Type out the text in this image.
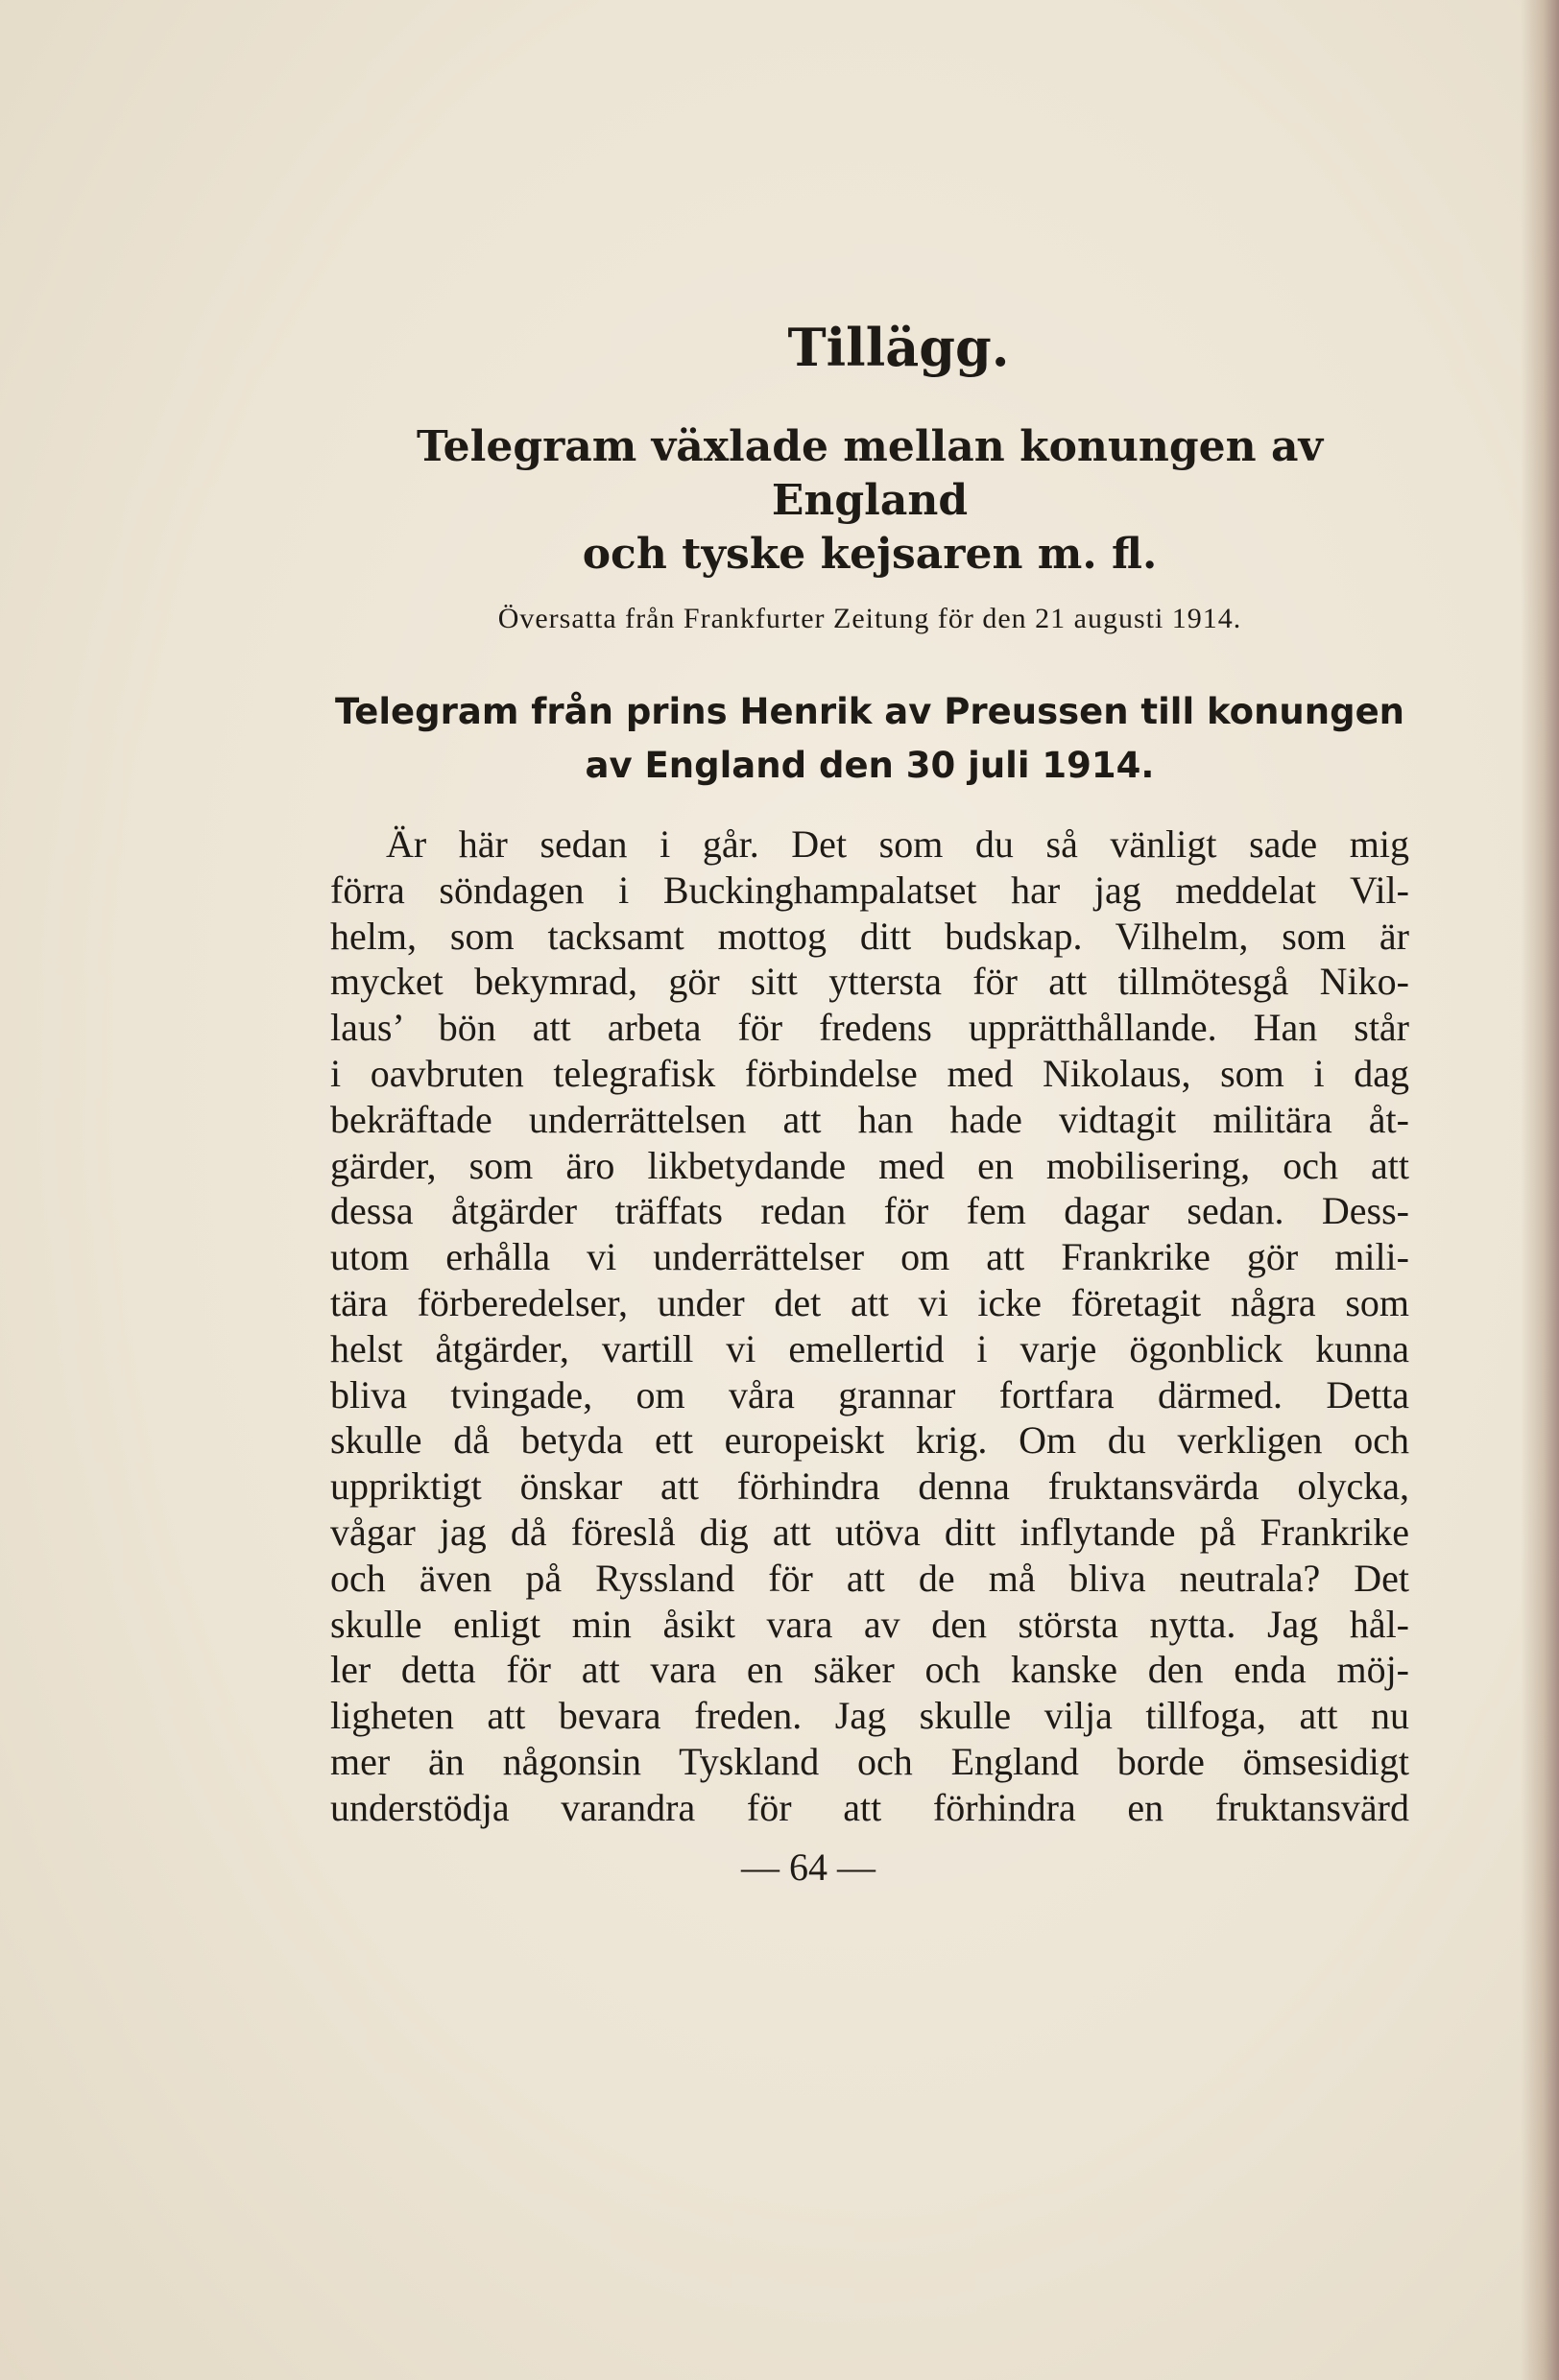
Tillägg.
Telegram växlade mellan konungen av England
och tyske kejsaren m. fl.
Översatta från Frankfurter Zeitung för den 21 augusti 1914.
Telegram från prins Henrik av Preussen till konungen
av England den 30 juli 1914.
Är här sedan i går. Det som du så vänligt sade mig
förra söndagen i Buckinghampalatset har jag meddelat Vil-
helm, som tacksamt mottog ditt budskap. Vilhelm, som är
mycket bekymrad, gör sitt yttersta för att tillmötesgå Niko-
laus’ bön att arbeta för fredens upprätthållande. Han står
i oavbruten telegrafisk förbindelse med Nikolaus, som i dag
bekräftade underrättelsen att han hade vidtagit militära åt-
gärder, som äro likbetydande med en mobilisering, och att
dessa åtgärder träffats redan för fem dagar sedan. Dess-
utom erhålla vi underrättelser om att Frankrike gör mili-
tära förberedelser, under det att vi icke företagit några som
helst åtgärder, vartill vi emellertid i varje ögonblick kunna
bliva tvingade, om våra grannar fortfara därmed. Detta
skulle då betyda ett europeiskt krig. Om du verkligen och
uppriktigt önskar att förhindra denna fruktansvärda olycka,
vågar jag då föreslå dig att utöva ditt inflytande på Frankrike
och även på Ryssland för att de må bliva neutrala? Det
skulle enligt min åsikt vara av den största nytta. Jag hål-
ler detta för att vara en säker och kanske den enda möj-
ligheten att bevara freden. Jag skulle vilja tillfoga, att nu
mer än någonsin Tyskland och England borde ömsesidigt
understödja varandra för att förhindra en fruktansvärd
— 64 —
